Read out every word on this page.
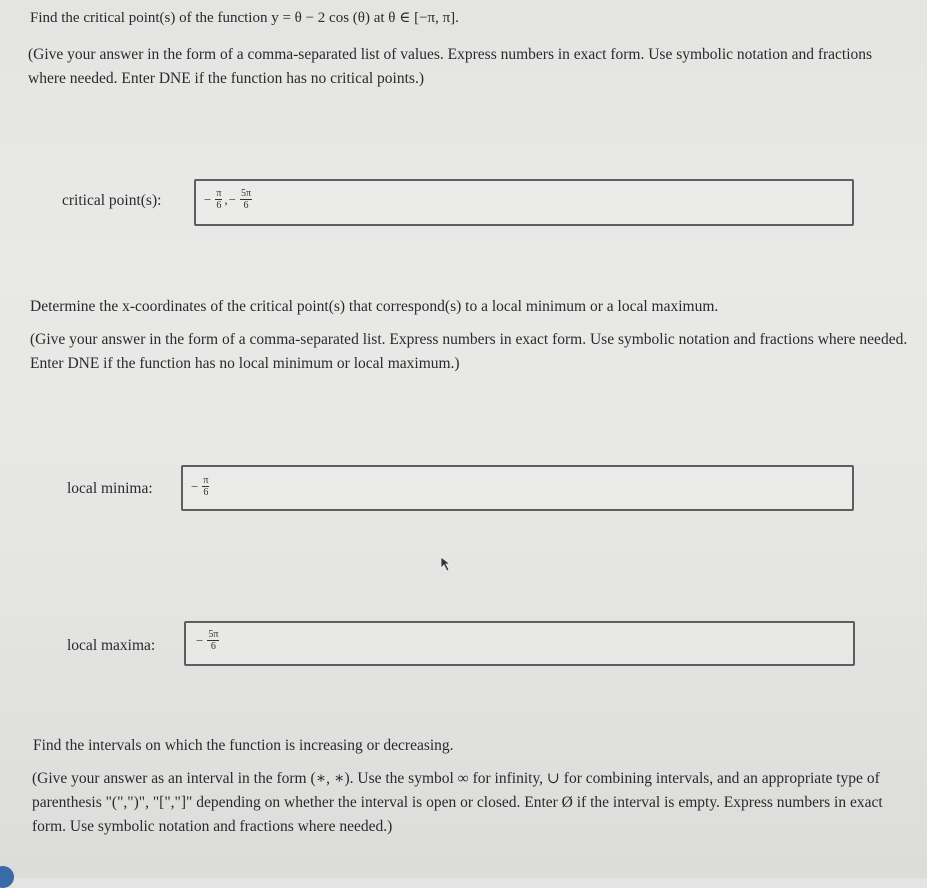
Find the critical point(s) of the function y = θ − 2 cos (θ) at θ ∈ [−π, π].
(Give your answer in the form of a comma-separated list of values. Express numbers in exact form. Use symbolic notation and fractions where needed. Enter DNE if the function has no critical points.)
critical point(s):	− $\frac{\pi}{6}$ , − $\frac{5\pi}{6}$
Determine the x-coordinates of the critical point(s) that correspond(s) to a local minimum or a local maximum.
(Give your answer in the form of a comma-separated list. Express numbers in exact form. Use symbolic notation and fractions where needed. Enter DNE if the function has no local minimum or local maximum.)
local minima:	− $\frac{\pi}{6}$
local maxima:	− $\frac{5\pi}{6}$
Find the intervals on which the function is increasing or decreasing.
(Give your answer as an interval in the form (∗, ∗). Use the symbol ∞ for infinity, ∪ for combining intervals, and an appropriate type of parenthesis "(",")", "[","]" depending on whether the interval is open or closed. Enter Ø if the interval is empty. Express numbers in exact form. Use symbolic notation and fractions where needed.)
